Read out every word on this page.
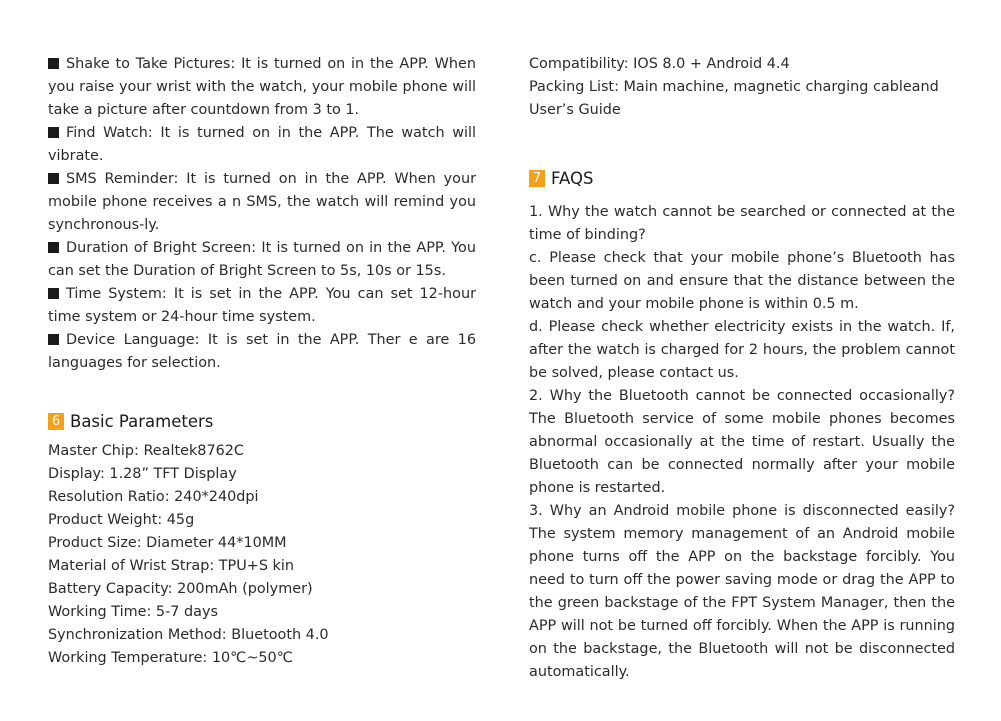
Shake to Take Pictures: It is turned on in the APP. When you raise your wrist with the watch, your mobile phone will take a picture after countdown from 3 to 1.

Find Watch: It is turned on in the APP. The watch will vibrate.

SMS Reminder: It is turned on in the APP. When your mobile phone receives a n SMS, the watch will remind you synchronous-ly.

Duration of Bright Screen: It is turned on in the APP. You can set the Duration of Bright Screen to 5s, 10s or 15s.

Time System: It is set in the APP. You can set 12-hour time system or 24-hour time system.

Device Language: It is set in the APP. Ther e are 16 languages for selection.

6 Basic Parameters

Master Chip: Realtek8762C

Display: 1.28” TFT Display

Resolution Ratio: 240*240dpi

Product Weight: 45g

Product Size: Diameter 44*10MM

Material of Wrist Strap: TPU+S kin

Battery Capacity: 200mAh (polymer)

Working Time: 5-7 days

Synchronization Method: Bluetooth 4.0

Working Temperature: 10℃~50℃

Compatibility: IOS 8.0 + Android 4.4

Packing List: Main machine, magnetic charging cableand

User’s Guide

7 FAQS

1. Why the watch cannot be searched or connected at the time of binding?

c. Please check that your mobile phone’s Bluetooth has been turned on and ensure that the distance between the watch and your mobile phone is within 0.5 m.

d. Please check whether electricity exists in the watch. If, after the watch is charged for 2 hours, the problem cannot be solved, please contact us.

2. Why the Bluetooth cannot be connected occasionally? The Bluetooth service of some mobile phones becomes abnormal occasionally at the time of restart. Usually the Bluetooth can be connected normally after your mobile phone is restarted.

3. Why an Android mobile phone is disconnected easily? The system memory management of an Android mobile phone turns off the APP on the backstage forcibly. You need to turn off the power saving mode or drag the APP to the green backstage of the FPT System Manager, then the APP will not be turned off forcibly. When the APP is running on the backstage, the Bluetooth will not be disconnected automatically.
